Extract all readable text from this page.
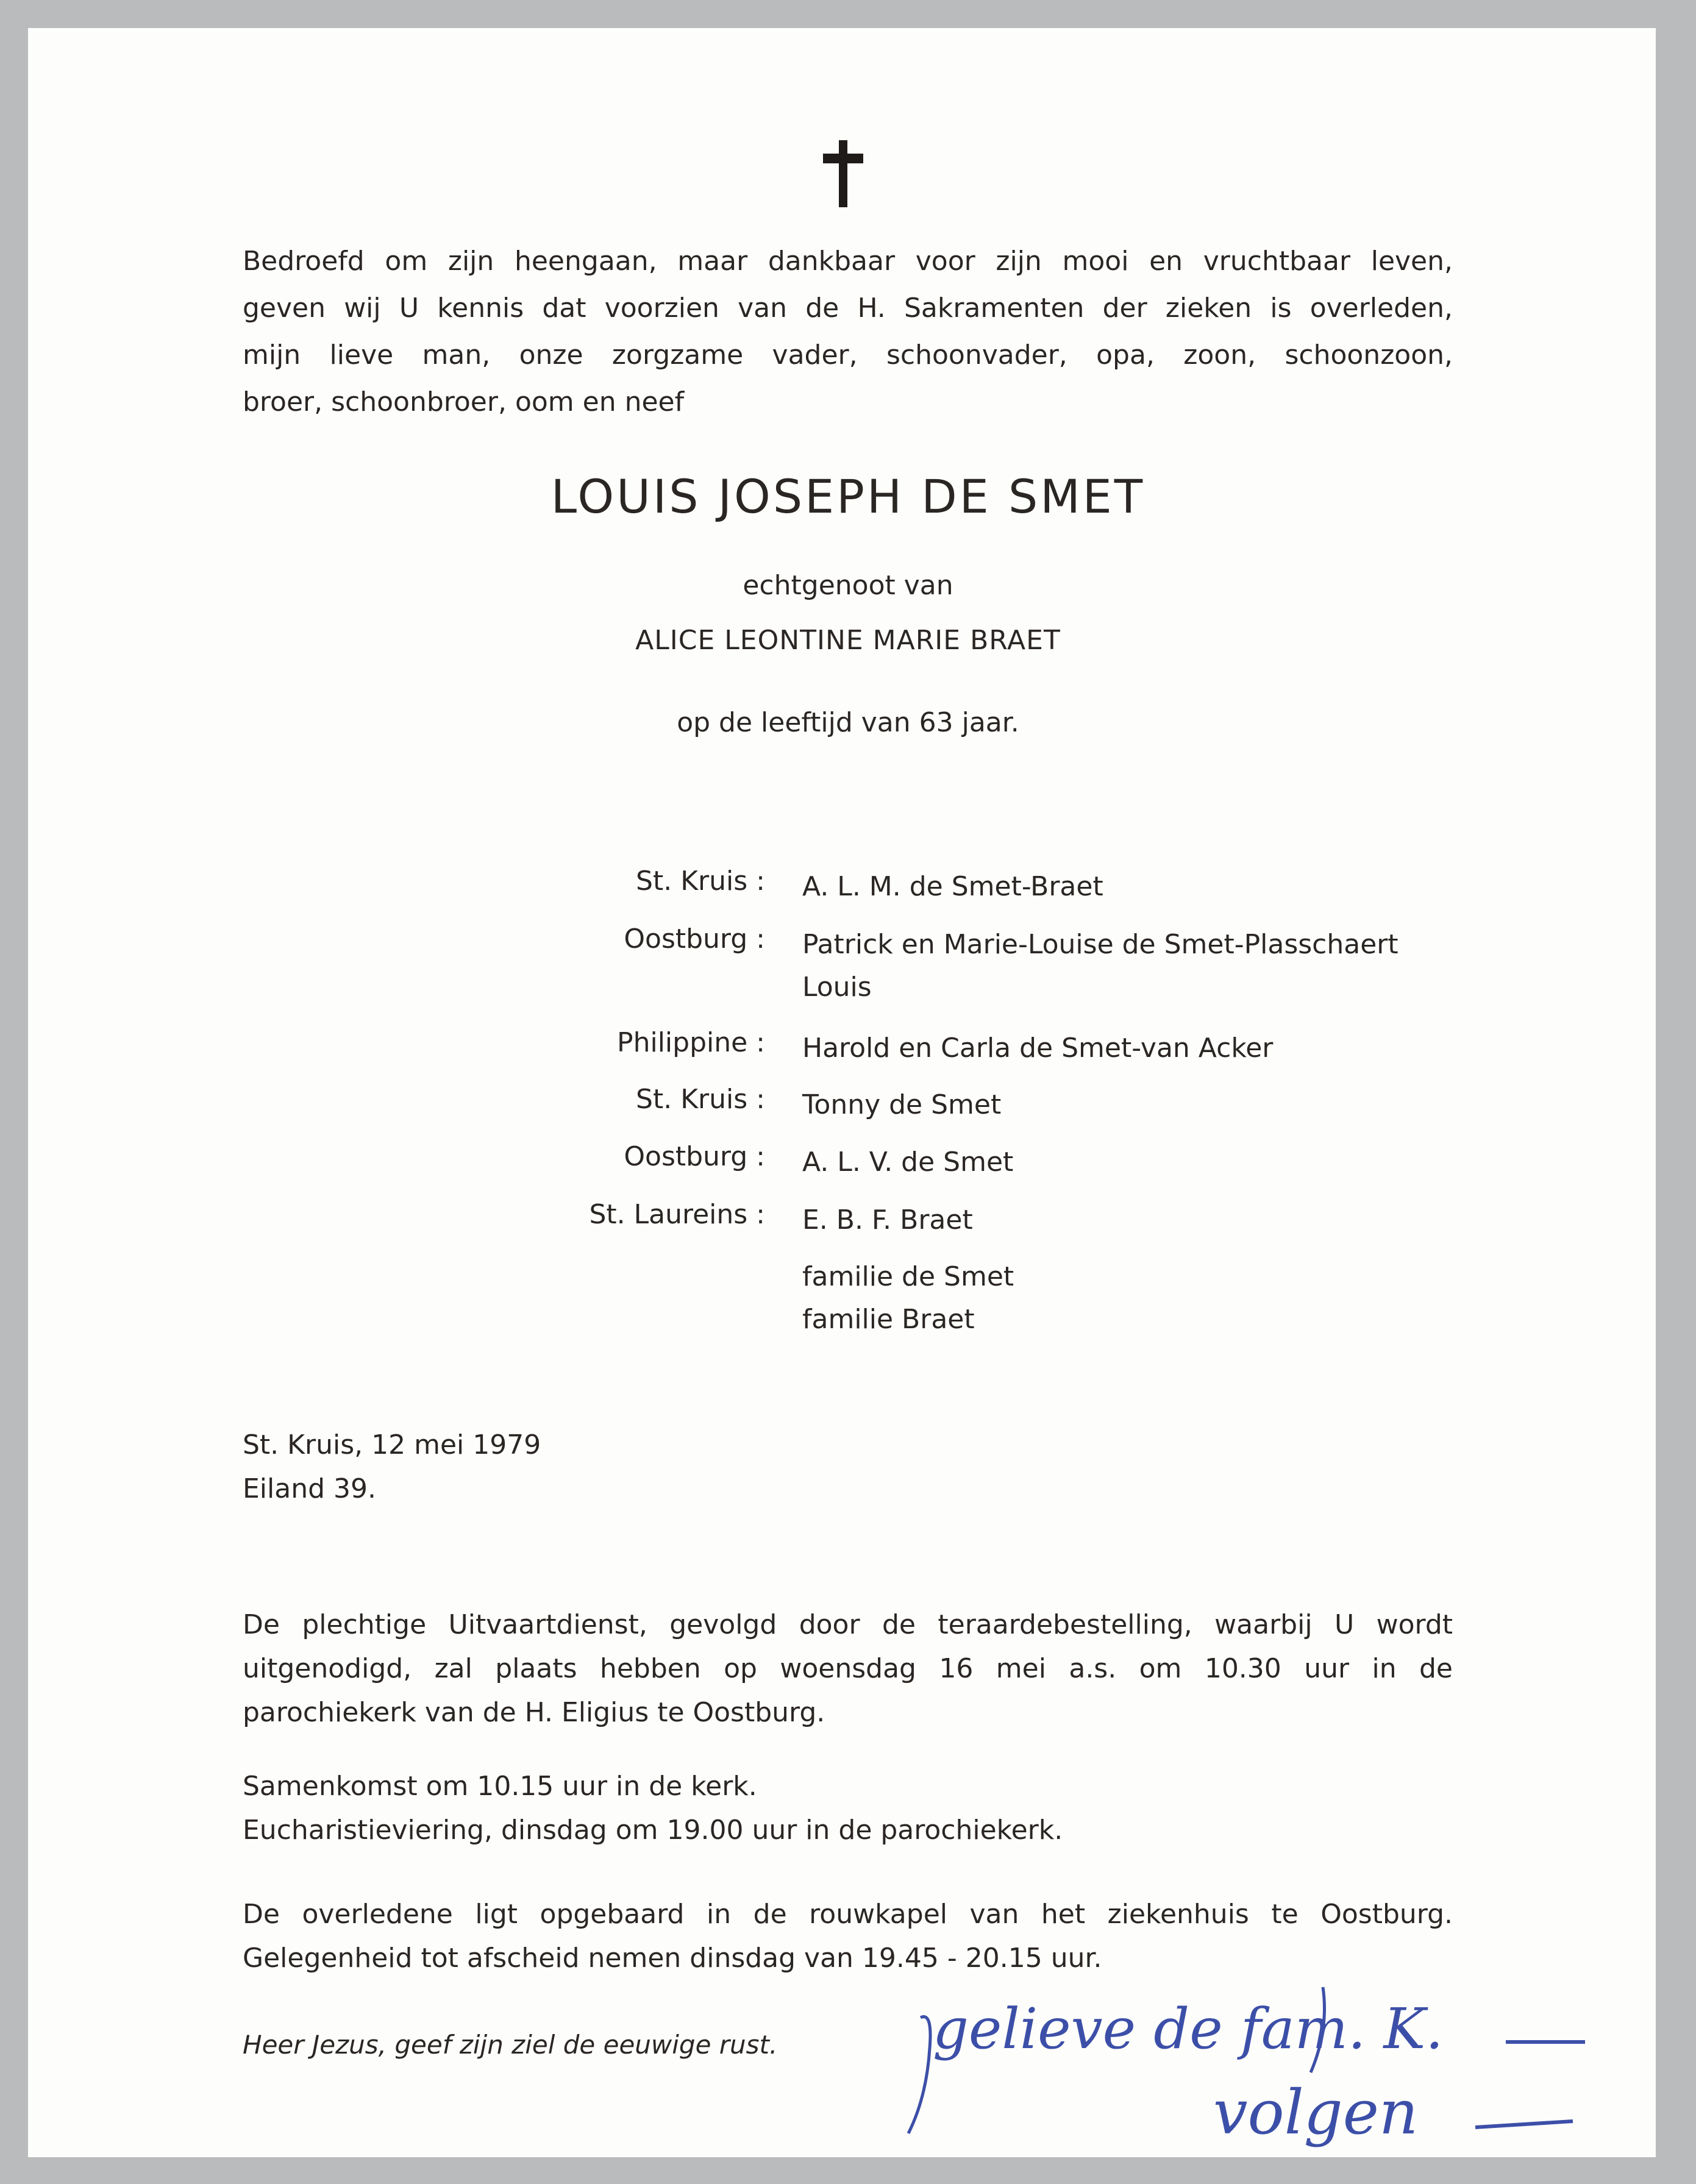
Bedroefd om zijn heengaan, maar dankbaar voor zijn mooi en vruchtbaar leven,
geven wij U kennis dat voorzien van de H. Sakramenten der zieken is overleden,
mijn lieve man, onze zorgzame vader, schoonvader, opa, zoon, schoonzoon,
broer, schoonbroer, oom en neef
LOUIS JOSEPH DE SMET
echtgenoot van
ALICE LEONTINE MARIE BRAET
op de leeftijd van 63 jaar.
St. Kruis : A. L. M. de Smet-Braet
Oostburg : Patrick en Marie-Louise de Smet-Plasschaert
Louis
Philippine : Harold en Carla de Smet-van Acker
St. Kruis : Tonny de Smet
Oostburg : A. L. V. de Smet
St. Laureins : E. B. F. Braet
familie de Smet
familie Braet
St. Kruis, 12 mei 1979
Eiland 39.
De plechtige Uitvaartdienst, gevolgd door de teraardebestelling, waarbij U wordt
uitgenodigd, zal plaats hebben op woensdag 16 mei a.s. om 10.30 uur in de
parochiekerk van de H. Eligius te Oostburg.
Samenkomst om 10.15 uur in de kerk.
Eucharistieviering, dinsdag om 19.00 uur in de parochiekerk.
De overledene ligt opgebaard in de rouwkapel van het ziekenhuis te Oostburg.
Gelegenheid tot afscheid nemen dinsdag van 19.45 - 20.15 uur.
Heer Jezus, geef zijn ziel de eeuwige rust.	gelieve de fam. K.
volgen
